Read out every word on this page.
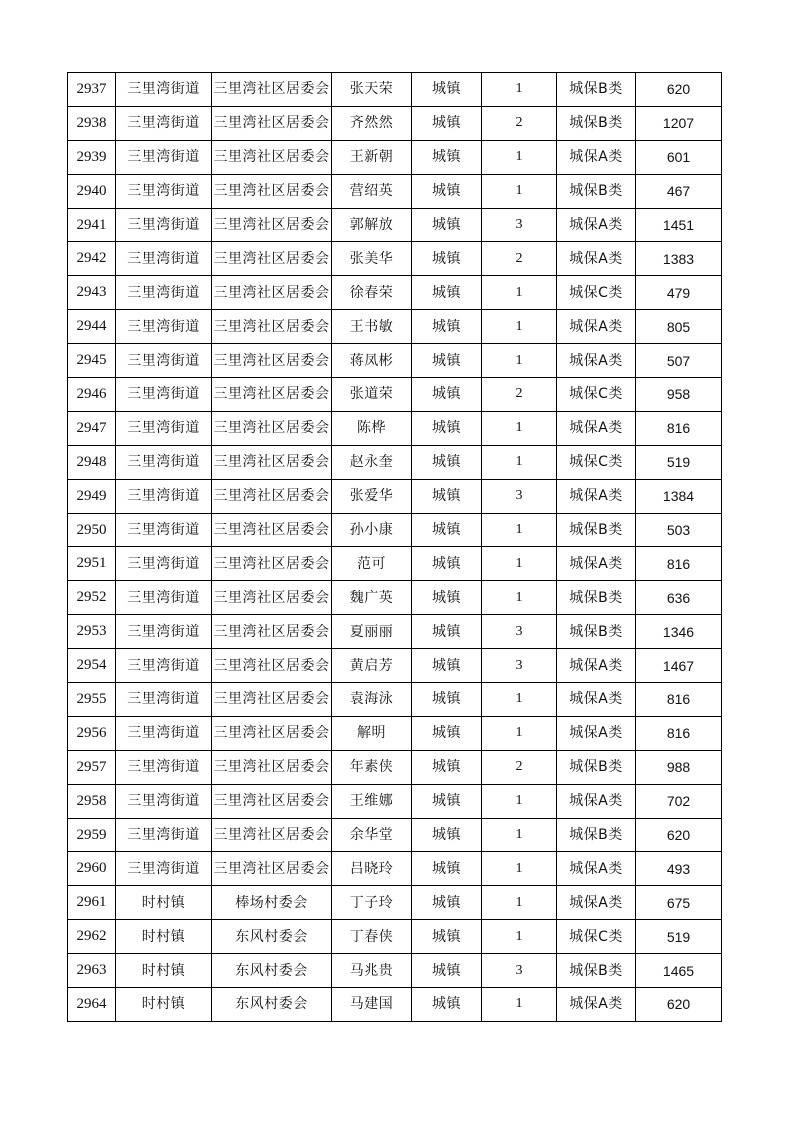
2937	三里湾街道	三里湾社区居委会	张天荣	城镇	1	城保B类	620
2938	三里湾街道	三里湾社区居委会	齐然然	城镇	2	城保B类	1207
2939	三里湾街道	三里湾社区居委会	王新朝	城镇	1	城保A类	601
2940	三里湾街道	三里湾社区居委会	营绍英	城镇	1	城保B类	467
2941	三里湾街道	三里湾社区居委会	郭解放	城镇	3	城保A类	1451
2942	三里湾街道	三里湾社区居委会	张美华	城镇	2	城保A类	1383
2943	三里湾街道	三里湾社区居委会	徐春荣	城镇	1	城保C类	479
2944	三里湾街道	三里湾社区居委会	王书敏	城镇	1	城保A类	805
2945	三里湾街道	三里湾社区居委会	蒋凤彬	城镇	1	城保A类	507
2946	三里湾街道	三里湾社区居委会	张道荣	城镇	2	城保C类	958
2947	三里湾街道	三里湾社区居委会	陈桦	城镇	1	城保A类	816
2948	三里湾街道	三里湾社区居委会	赵永奎	城镇	1	城保C类	519
2949	三里湾街道	三里湾社区居委会	张爱华	城镇	3	城保A类	1384
2950	三里湾街道	三里湾社区居委会	孙小康	城镇	1	城保B类	503
2951	三里湾街道	三里湾社区居委会	范可	城镇	1	城保A类	816
2952	三里湾街道	三里湾社区居委会	魏广英	城镇	1	城保B类	636
2953	三里湾街道	三里湾社区居委会	夏丽丽	城镇	3	城保B类	1346
2954	三里湾街道	三里湾社区居委会	黄启芳	城镇	3	城保A类	1467
2955	三里湾街道	三里湾社区居委会	袁海泳	城镇	1	城保A类	816
2956	三里湾街道	三里湾社区居委会	解明	城镇	1	城保A类	816
2957	三里湾街道	三里湾社区居委会	年素侠	城镇	2	城保B类	988
2958	三里湾街道	三里湾社区居委会	王维娜	城镇	1	城保A类	702
2959	三里湾街道	三里湾社区居委会	余华堂	城镇	1	城保B类	620
2960	三里湾街道	三里湾社区居委会	吕晓玲	城镇	1	城保A类	493
2961	时村镇	棒场村委会	丁子玲	城镇	1	城保A类	675
2962	时村镇	东风村委会	丁春侠	城镇	1	城保C类	519
2963	时村镇	东风村委会	马兆贵	城镇	3	城保B类	1465
2964	时村镇	东风村委会	马建国	城镇	1	城保A类	620
